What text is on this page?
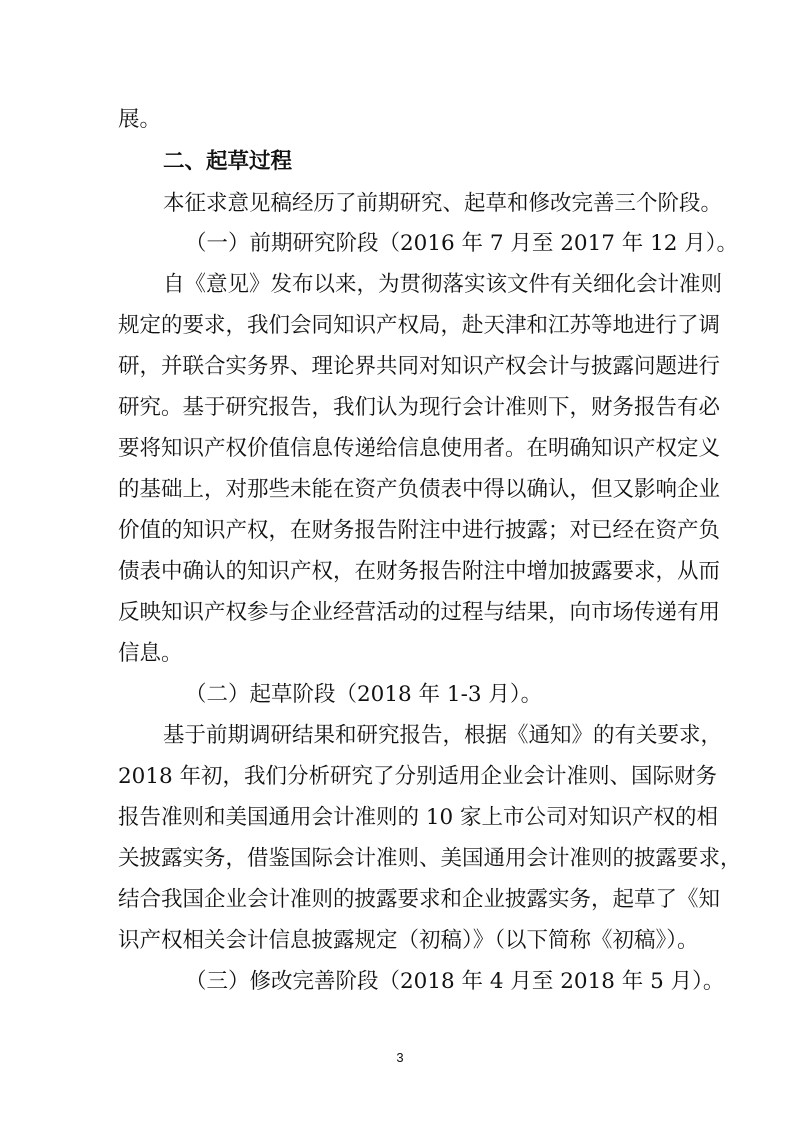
展。

二、起草过程

本征求意见稿经历了前期研究、起草和修改完善三个阶段。

（一）前期研究阶段（2016 年 7 月至 2017 年 12 月）。

自《意见》发布以来，为贯彻落实该文件有关细化会计准则

规定的要求，我们会同知识产权局，赴天津和江苏等地进行了调

研，并联合实务界、理论界共同对知识产权会计与披露问题进行

研究。基于研究报告，我们认为现行会计准则下，财务报告有必

要将知识产权价值信息传递给信息使用者。在明确知识产权定义

的基础上，对那些未能在资产负债表中得以确认，但又影响企业

价值的知识产权，在财务报告附注中进行披露；对已经在资产负

债表中确认的知识产权，在财务报告附注中增加披露要求，从而

反映知识产权参与企业经营活动的过程与结果，向市场传递有用

信息。

（二）起草阶段（2018 年 1-3 月）。

基于前期调研结果和研究报告，根据《通知》的有关要求，

2018 年初，我们分析研究了分别适用企业会计准则、国际财务

报告准则和美国通用会计准则的 10 家上市公司对知识产权的相

关披露实务，借鉴国际会计准则、美国通用会计准则的披露要求，

结合我国企业会计准则的披露要求和企业披露实务，起草了《知

识产权相关会计信息披露规定（初稿）》（以下简称《初稿》）。

（三）修改完善阶段（2018 年 4 月至 2018 年 5 月）。

3
